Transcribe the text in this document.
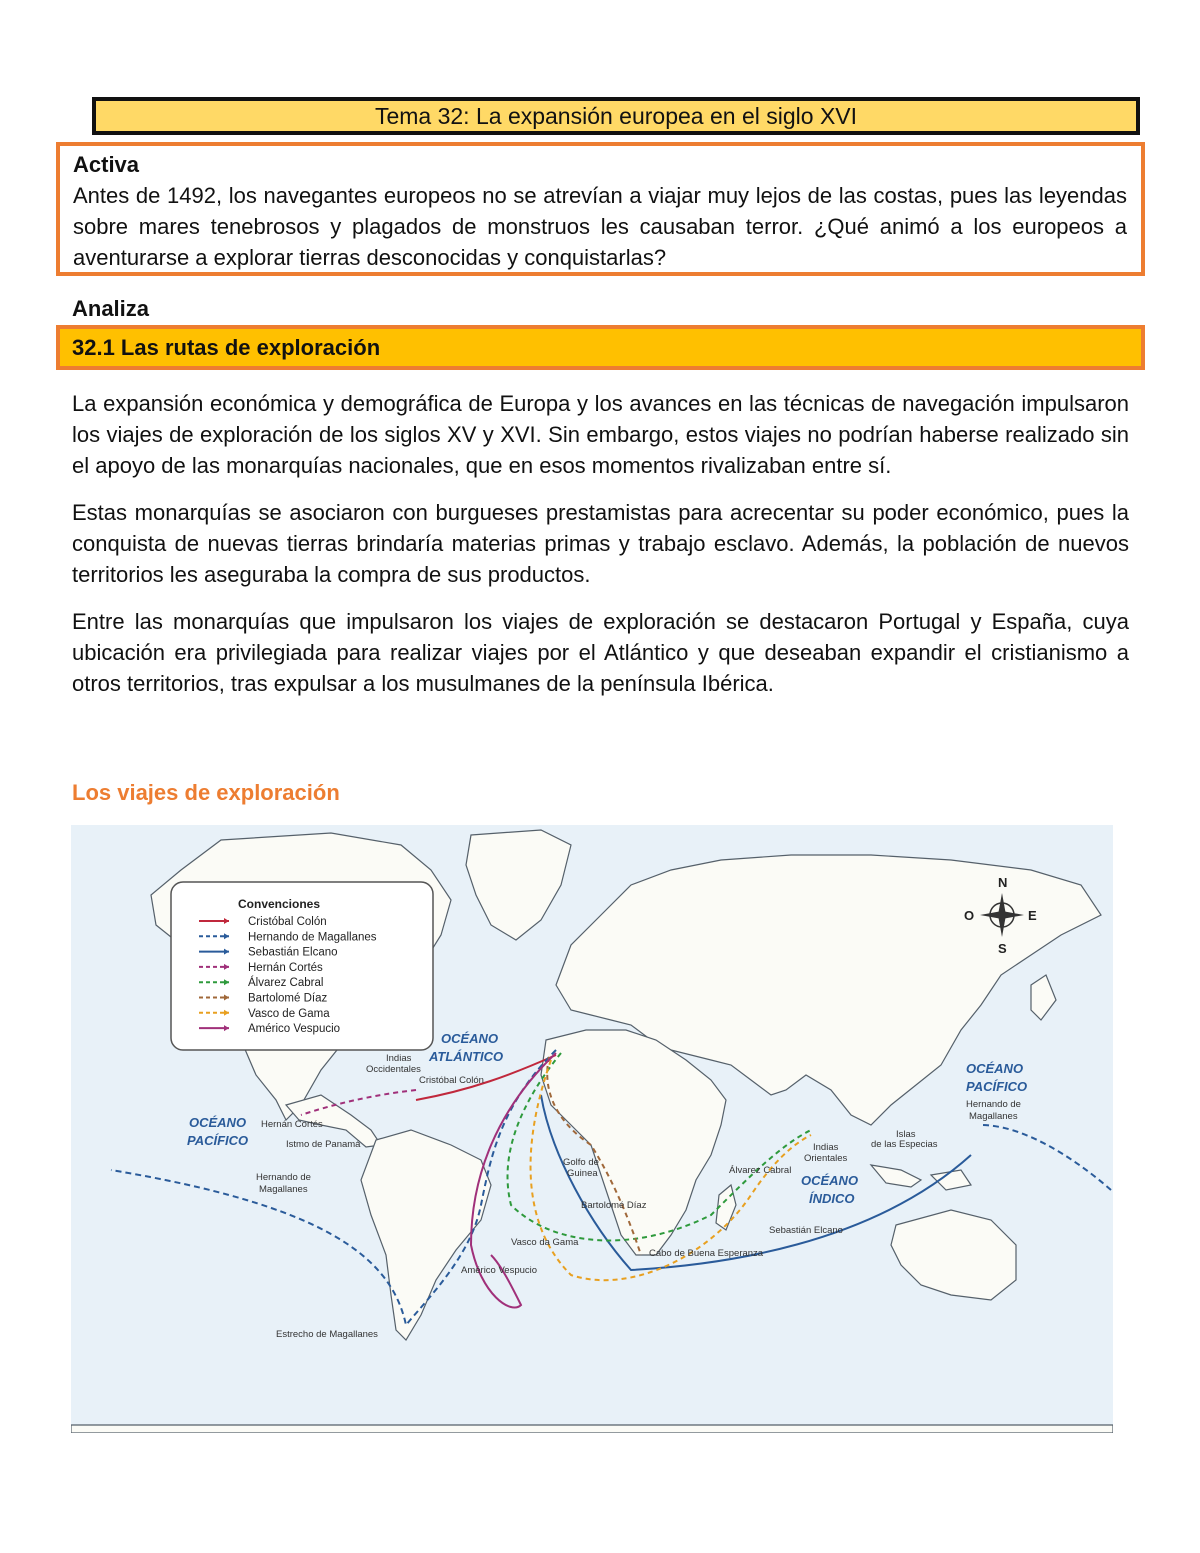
Tema 32: La expansión europea en el siglo XVI
Activa

Antes de 1492, los navegantes europeos no se atrevían a viajar muy lejos de las costas, pues las leyendas sobre mares tenebrosos y plagados de monstruos les causaban terror. ¿Qué animó a los europeos a aventurarse a explorar tierras desconocidas y conquistarlas?

Analiza
32.1 Las rutas de exploración

La expansión económica y demográfica de Europa y los avances en las técnicas de navegación impulsaron los viajes de exploración de los siglos XV y XVI. Sin embargo, estos viajes no podrían haberse realizado sin el apoyo de las monarquías nacionales, que en esos momentos rivalizaban entre sí.

Estas monarquías se asociaron con burgueses prestamistas para acrecentar su poder económico, pues la conquista de nuevas tierras brindaría materias primas y trabajo esclavo. Además, la población de nuevos territorios les aseguraba la compra de sus productos.

Entre las monarquías que impulsaron los viajes de exploración se destacaron Portugal y España, cuya ubicación era privilegiada para realizar viajes por el Atlántico y que deseaban expandir el cristianismo a otros territorios, tras expulsar a los musulmanes de la península Ibérica.

Los viajes de exploración
Convenciones
Cristóbal Colón
Hernando de Magallanes
Sebastián Elcano
Hernán Cortés
Álvarez Cabral
Bartolomé Díaz
Vasco de Gama
Américo Vespucio
N
S
E
O
OCÉANO
ATLÁNTICO
OCÉANO
PACÍFICO
OCÉANO
PACÍFICO
OCÉANO
ÍNDICO
Indias
Occidentales
Cristóbal Colón
Hernán Cortés
Istmo de Panamá
Hernando de
Magallanes
Hernando de
Magallanes
Golfo de
Guinea
Bartolomé Díaz
Álvarez Cabral
Indias
Orientales
Islas
de las Especias
Sebastián Elcano
Vasco da Gama
Cabo de Buena Esperanza
Américo Vespucio
Estrecho de Magallanes
